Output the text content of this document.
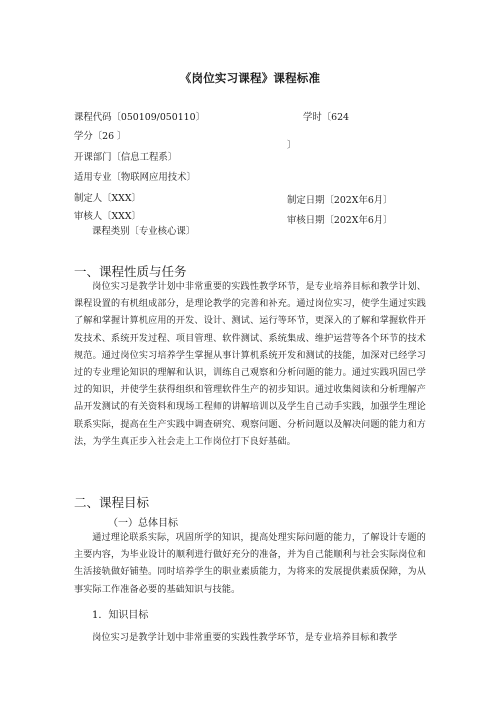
《岗位实习课程》课程标准
课程代码〔050109/050110〕	学时〔624
学分〔26 〕
〕
开课部门〔信息工程系〕
适用专业〔物联网应用技术〕
制定人〔XXX〕	制定日期〔202X年6月〕
审核人〔XXX〕	审核日期〔202X年6月〕
课程类别〔专业核心课〕
一、课程性质与任务
岗位实习是教学计划中非常重要的实践性教学环节，是专业培养目标和教学计划、课程设置的有机组成部分，是理论教学的完善和补充。通过岗位实习，使学生通过实践了解和掌握计算机应用的开发、设计、测试、运行等环节，更深入的了解和掌握软件开发技术、系统开发过程、项目管理、软件测试、系统集成、维护运营等各个环节的技术规范。通过岗位实习培养学生掌握从事计算机系统开发和测试的技能，加深对已经学习过的专业理论知识的理解和认识，训练自己观察和分析问题的能力。通过实践巩固已学过的知识，并使学生获得组织和管理软件生产的初步知识。通过收集阅读和分析理解产品开发测试的有关资料和现场工程师的讲解培训以及学生自己动手实践，加强学生理论联系实际，提高在生产实践中调查研究、观察问题、分析问题以及解决问题的能力和方法，为学生真正步入社会走上工作岗位打下良好基础。
二、课程目标
（一）总体目标
通过理论联系实际，巩固所学的知识，提高处理实际问题的能力，了解设计专题的主要内容，为毕业设计的顺利进行做好充分的准备，并为自己能顺利与社会实际岗位和生活接轨做好铺垫。同时培养学生的职业素质能力，为将来的发展提供素质保障，为从事实际工作准备必要的基础知识与技能。
1．知识目标
岗位实习是教学计划中非常重要的实践性教学环节，是专业培养目标和教学
